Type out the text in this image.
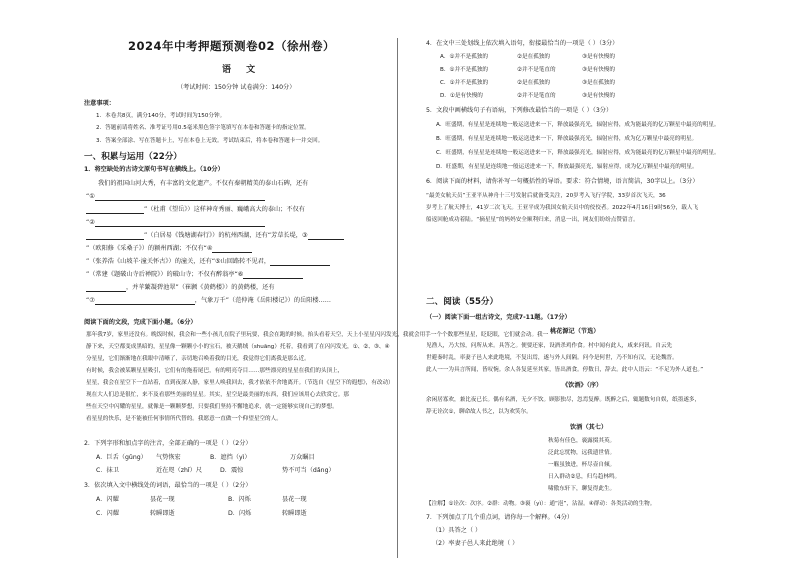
2024年中考押题预测卷02（徐州卷）
语 文
（考试时间：150分钟 试卷满分：140分）
注意事项：
1．本卷共8页，满分140分，考试时间为150分钟。
2．答题前请将姓名、准考证号用0.5毫米黑色签字笔填写在本卷和答题卡的指定位置。
3．答案全部涂、写在答题卡上，写在本卷上无效。考试结束后，将本卷和答题卡一并交回。
一、积累与运用（22分）
1．将空缺处的古诗文原句书写在横线上。（10分）
我们的祖国山河大秀，有丰富的文化遗产。不仅有秦朝精美的泰山石碑，还有
“①
”（杜甫《望岳》）这样神奇秀丽、巍峨高大的泰山；不仅有
“②
”（白居易《钱塘湖春行》）的杭州西湖，还有“芳草长堤，③
”（欧阳修《采桑子》）的颍州西湖；不仅有“④
”（张养浩《山坡羊·潼关怀古》）的潼关，还有“⑤山回路转不见君，
”（常建《题破山寺后禅院》）的破山寺；不仅有醉翁亭“⑥
，并苹蘩凝碧池翠”（崔颢《黄鹤楼》）的黄鹤楼，还有
“⑦	，气象万千”（范仲淹《岳阳楼记》）的岳阳楼……
阅读下面的文段，完成下面小题。（6分）
那年我7岁，家里还没有。晚饭时候，我会和一些小孩儿在院子里玩要，我会在跑的时候，抬头看着天空，天上小星星闪闪发光，我就会用手一个个数那些星星，眨眨眼，它们就会动。我一
静下来，天空都变成黑暗的，星星像一颗颗小小的宝石，被天鹅绒（shuāng）托着，我看到了在闪闪发光，①、②、③、④
分星星，它们渐渐地在我眼中清晰了，亲切地召唤着我的目光，我觉得它们离我是那么近。
有时候，我会被某颗星星吸引，它们有的拖着尾巴，有的明亮夺目……那些漂亮的星星在我们的头顶上，
星星，我会在星空下一直站着，直到夜深人静，家里人唤我回去，我才依依不舍地离开。（节选自《星空下的遐想》，有改动）
现在大人们总是很忙，来不及看那些美丽的星星。其实，星空是最美丽的东西，我们应该用心去欣赏它。那
些在天空中闪耀的星星，就像是一颗颗梦想，只要我们坚持不懈地追求，就一定能够实现自己的梦想。
看星星的快乐，是不能被任何事情所代替的。我愿意一直做一个仰望星空的人。
2．下列字形和加点字的注音，全部正确的一项是（ ）（2分）
A．巨舌（gǔng） 气势恢宏	B．遮挡（yì）	万众瞩目
C．抹卫	近在咫（zhǐ）尺	D．震惊	势不可当（dǎng）
3．依次填入文中横线处的词语，最恰当的一项是（ ）（2分）
A．闪耀	昙花一现	B．闪烁	昙花一现
C．闪耀	转瞬即逝	D．闪烁	转瞬即逝
4．在文中三处划线上依次填入语句，衔接最恰当的一项是（ ）（3分）
A．①并不是孤独的	②是在孤独的	③是有快慢的
B．①并不是孤独的	②并不是笔直的	③是有快慢的
C．①并不是孤独的	②是在孤独的	③是在孤独的
D．①是有快慢的	②并不是笔直的	③是有快慢的
5．文段中画横线句子有语病，下列修改最恰当的一项是（ ）（3分）
A．旺盛期，有星星是连续地一般运送进来一下，释放最强亮光，辐射应得，成为能最亮的亿万颗星中最亮的明星。
B．旺盛期，有星星是连续地一般运送进来一下，释放最强亮光，辐射应得，成为亿万颗星中最亮的明星。
C．旺盛期，有星星是连续地一般运送进来一下，释放最强亮光，辐射应得，成为能最亮的亿万颗星中最亮的明星。
D．旺盛期，有星星是连续地一般运送进来一下，释放最强亮光，辐射应得，成为亿万颗星中最亮的明星。
6．阅读下面的材料，请你补写一句概括性的导语。要求：符合情境，语言简洁，30字以上。（3分）
“最美女航天员”王亚平从神舟十三号发射后就备受关注，20岁考入飞行学院，33岁首次飞天，36
岁考上了航天博士，41岁二次飞天。王亚平成为我国女航天员中的佼佼者。2022年4月16日9时56分，载人飞
船返回舱成功着陆。“摘星星”的妈妈安全顺利归来，消息一出，网友们纷纷点赞留言。
二、阅读（55分）
（一）阅读下面一组古诗文，完成7-11题。（17分）
桃花源记（节选）
见渔人，乃大惊，问所从来。具答之。便要还家，设酒杀鸡作食。村中闻有此人，咸来问讯。自云先
世避秦时乱，率妻子邑人来此绝境，不复出焉，遂与外人间隔。问今是何世，乃不知有汉，无论魏晋。
此人一一为具言所闻，皆叹惋。余人各复延至其家，皆出酒食。停数日，辞去。此中人语云：“不足为外人道也。”
《饮酒》（序）
余闲居寡欢，兼比夜已长。偶有名酒，无夕不饮。顾影独尽，忽焉复醉。既醉之后，辄题数句自娱，纸墨遂多，
辞无诠次①，聊命故人书之，以为欢笑尔。
饮酒（其七）
秋菊有佳色，裛露掇其英。
泛此忘忧物，远我遗世情。
一觞虽独进，杯尽壶自倾。
日入群动②息，归鸟趋林鸣。
啸傲东轩下，聊复得此生。
【注解】①诠次：次序。②群：动物。③裛（yì）：通“浥”，沾湿。④群动：各类活动的生物。
7．下列加点了几个重点词，请你每一个解释。（4分）
（1）具答之（ ）
（2）率妻子邑人来此绝境（ ）
